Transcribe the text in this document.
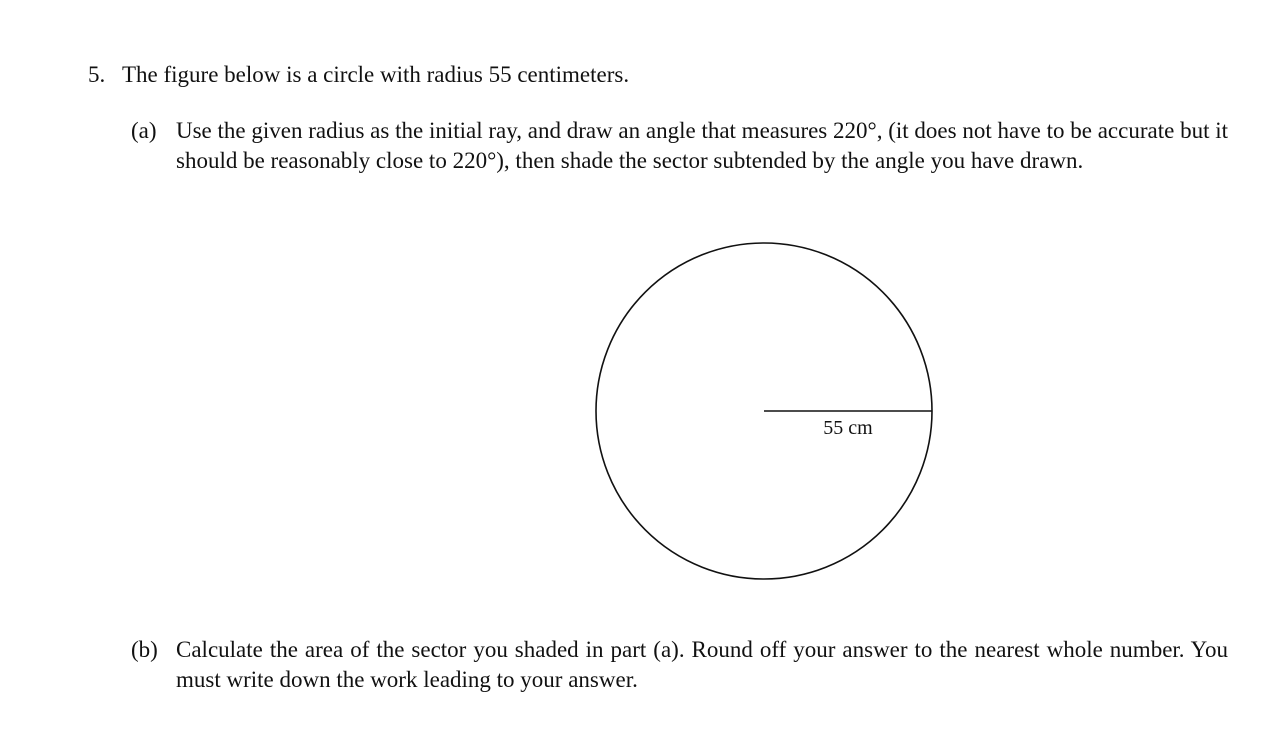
5. The figure below is a circle with radius 55 centimeters.
(a) Use the given radius as the initial ray, and draw an angle that measures 220°, (it does not have to be accurate but it should be reasonably close to 220°), then shade the sector subtended by the angle you have drawn.
55 cm
(b) Calculate the area of the sector you shaded in part (a). Round off your answer to the nearest whole number. You must write down the work leading to your answer.
